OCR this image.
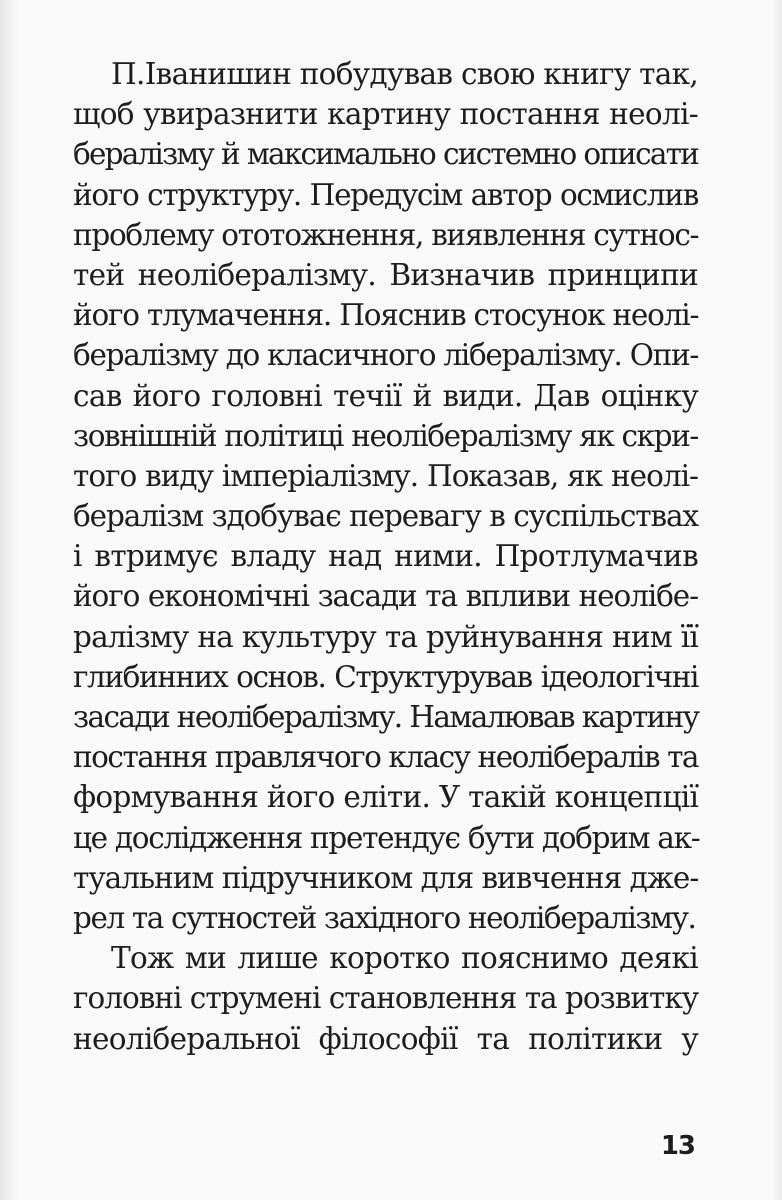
П.Іванишин побудував свою книгу так,
щоб увиразнити картину постання неолі-
бералізму й максимально системно описати
його структуру. Передусім автор осмислив
проблему ототожнення, виявлення сутнос-
тей неолібералізму. Визначив принципи
його тлумачення. Пояснив стосунок неолі-
бералізму до класичного лібералізму. Опи-
сав його головні течії й види. Дав оцінку
зовнішній політиці неолібералізму як скри-
того виду імперіалізму. Показав, як неолі-
бералізм здобуває перевагу в суспільствах
і втримує владу над ними. Протлумачив
його економічні засади та впливи неолібе-
ралізму на культуру та руйнування ним її
глибинних основ. Структурував ідеологічні
засади неолібералізму. Намалював картину
постання правлячого класу неолібералів та
формування його еліти. У такій концепції
це дослідження претендує бути добрим ак-
туальним підручником для вивчення дже-
рел та сутностей західного неолібералізму.
Тож ми лише коротко пояснимо деякі
головні струмені становлення та розвитку
неоліберальної філософії та політики у
13
